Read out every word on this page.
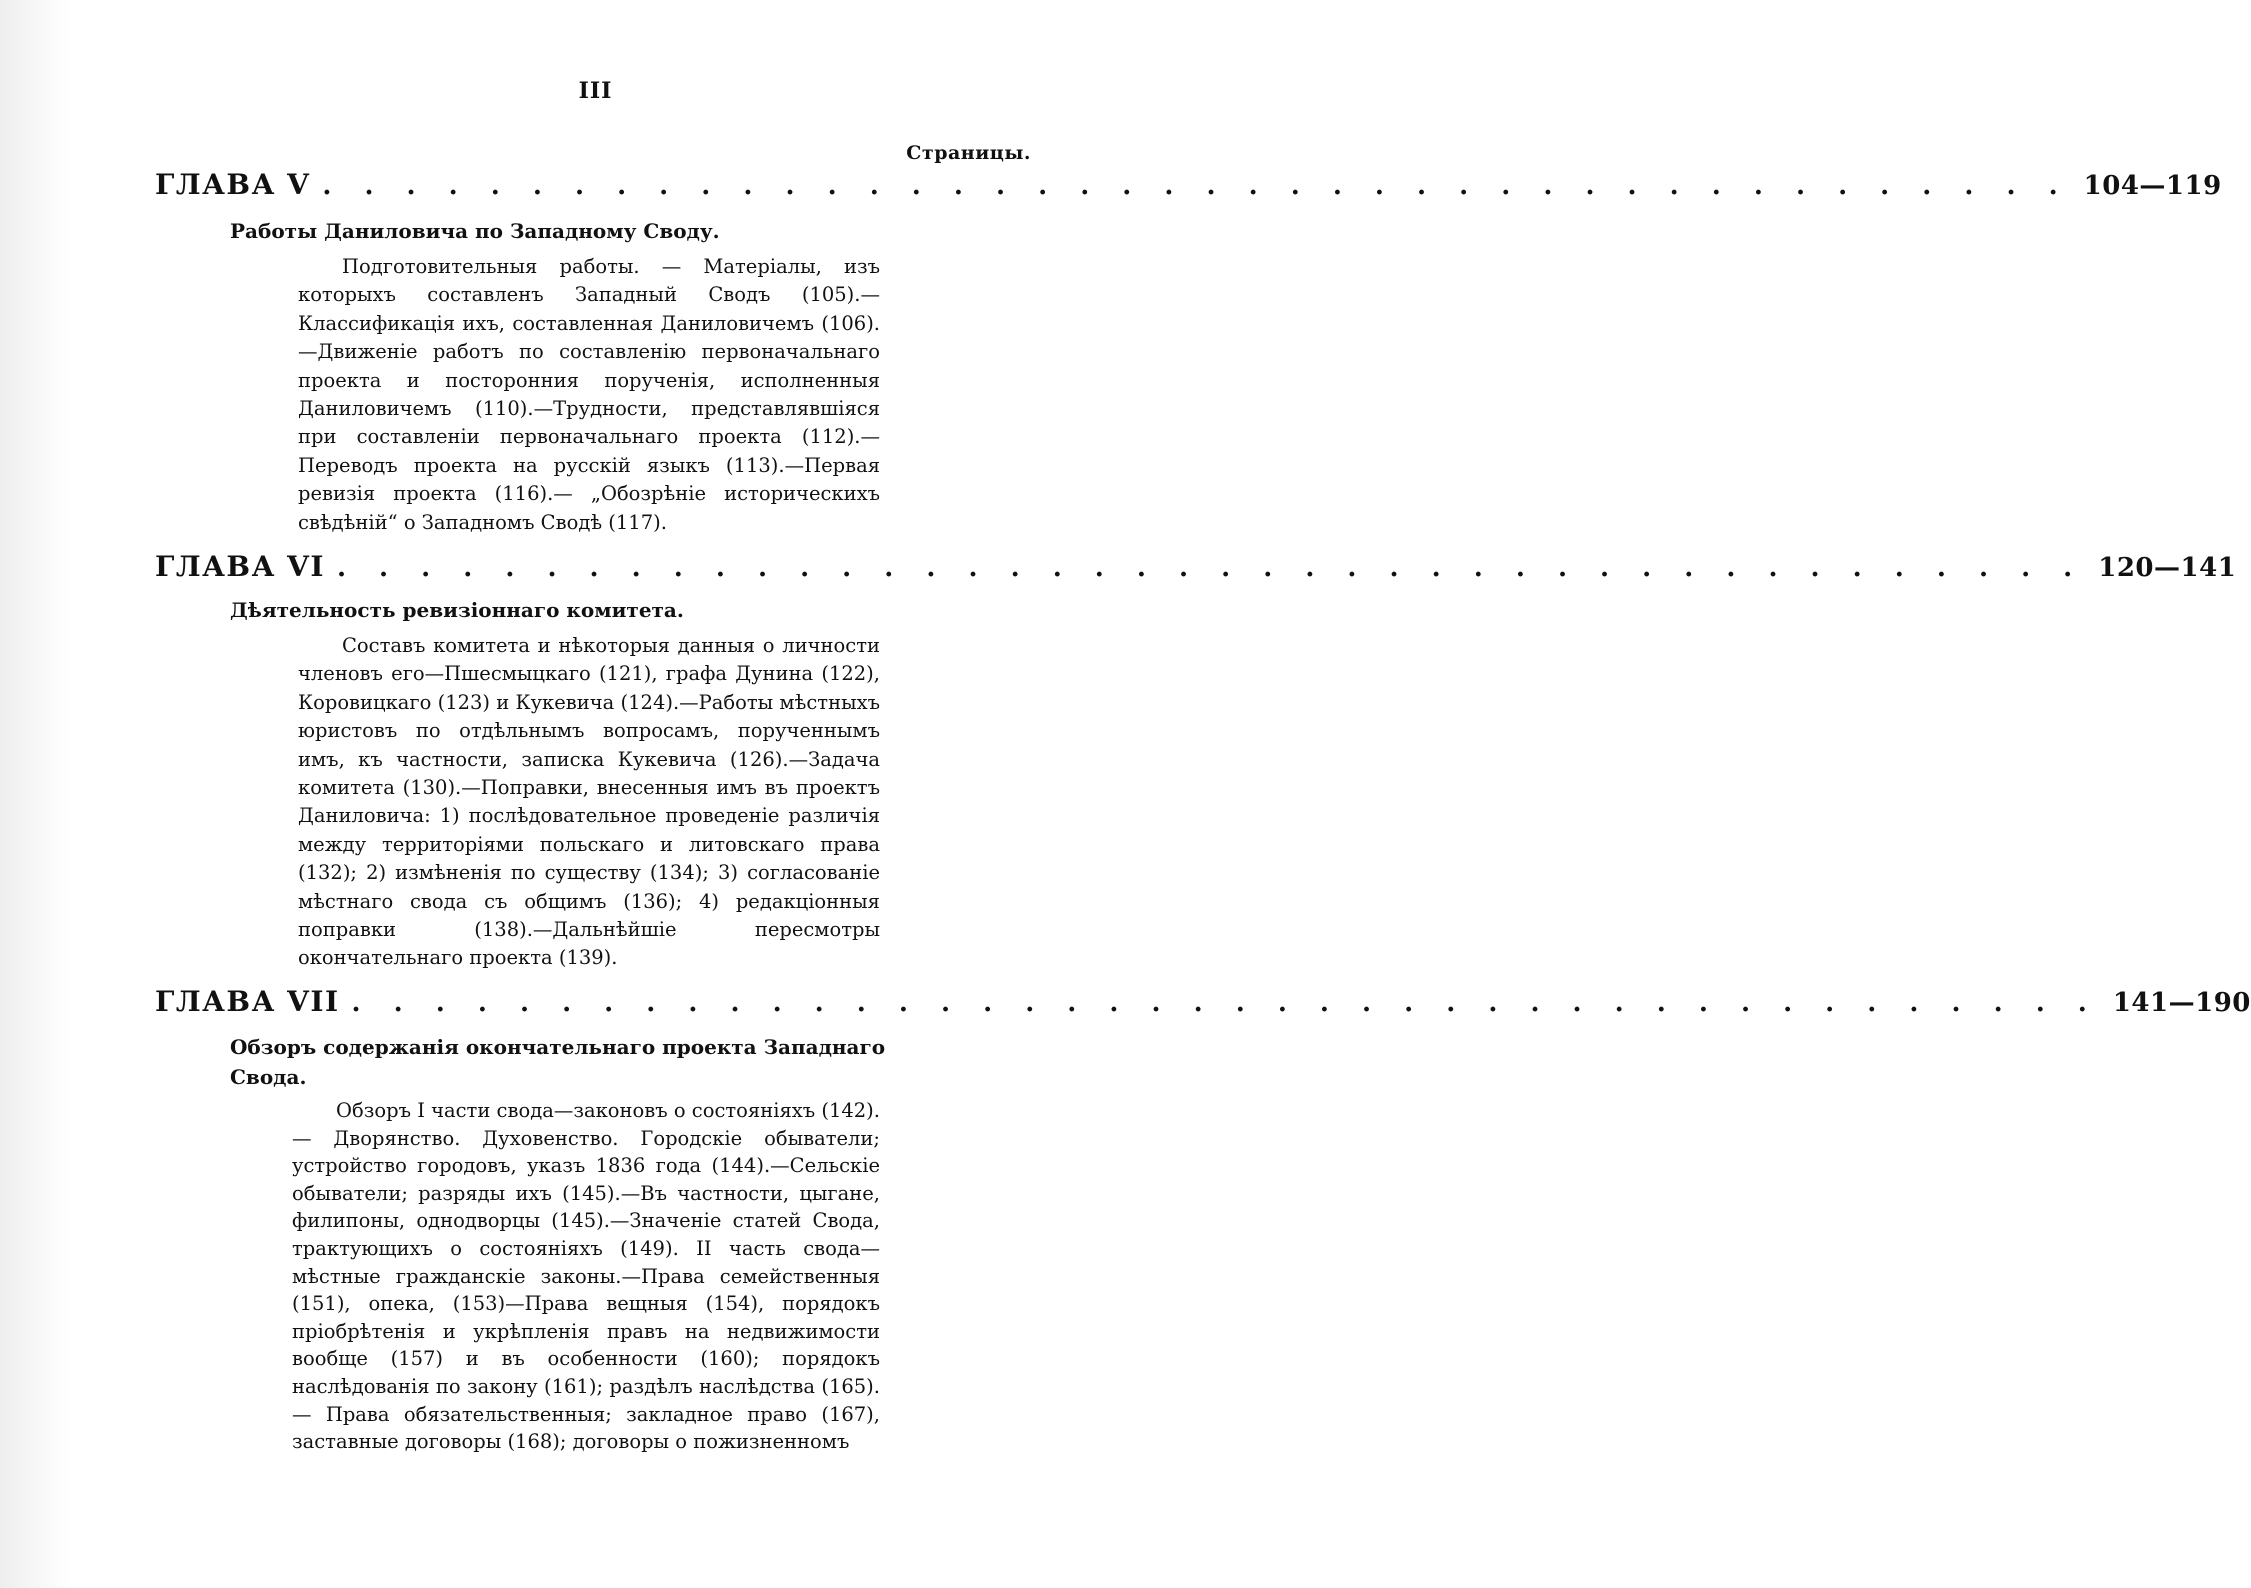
III
Страницы.
ГЛАВА V . . . . . . . . . . . . . . . . . . . . . . . . . . . . . . . . . . . . . . . . . . 104—119
Работы Даниловича по Западному Своду.
Подготовительныя работы. — Матеріалы, изъ которыхъ составленъ Западный Сводъ (105).—Классификація ихъ, составленная Даниловичемъ (106).—Движеніе работъ по составленію первоначальнаго проекта и посторонния порученія, исполненныя Даниловичемъ (110).—Трудности, представлявшіяся при составленіи первоначальнаго проекта (112).—Переводъ проекта на русскій языкъ (113).—Первая ревизія проекта (116).— „Обозрѣніе историческихъ свѣдѣній“ о Западномъ Сводѣ (117).
ГЛАВА VI . . . . . . . . . . . . . . . . . . . . . . . . . . . . . . . . . . . . . . . . . . 120—141
Дѣятельность ревизіоннаго комитета.
Составъ комитета и нѣкоторыя данныя о личности членовъ его—Пшесмыцкаго (121), графа Дунина (122), Коровицкаго (123) и Кукевича (124).—Работы мѣстныхъ юристовъ по отдѣльнымъ вопросамъ, порученнымъ имъ, къ частности, записка Кукевича (126).—Задача комитета (130).—Поправки, внесенныя имъ въ проектъ Даниловича: 1) послѣдовательное проведеніе различія между территоріями польскаго и литовскаго права (132); 2) измѣненія по существу (134); 3) согласованіе мѣстнаго свода съ общимъ (136); 4) редакціонныя поправки (138).—Дальнѣйшіе пересмотры окончательнаго проекта (139).
ГЛАВА VII . . . . . . . . . . . . . . . . . . . . . . . . . . . . . . . . . . . . . . . . . . 141—190
Обзоръ содержанія окончательнаго проекта Западнаго Свода.
Обзоръ I части свода—законовъ о состояніяхъ (142).— Дворянство. Духовенство. Городскіе обыватели; устройство городовъ, указъ 1836 года (144).—Сельскіе обыватели; разряды ихъ (145).—Въ частности, цыгане, филипоны, однодворцы (145).—Значеніе статей Свода, трактующихъ о состояніяхъ (149). II часть свода—мѣстные гражданскіе законы.—Права семейственныя (151), опека, (153)—Права вещныя (154), порядокъ пріобрѣтенія и укрѣпленія правъ на недвижимости вообще (157) и въ особенности (160); порядокъ наслѣдованія по закону (161); раздѣлъ наслѣдства (165).— Права обязательственныя; закладное право (167), заставные договоры (168); договоры о пожизненномъ
